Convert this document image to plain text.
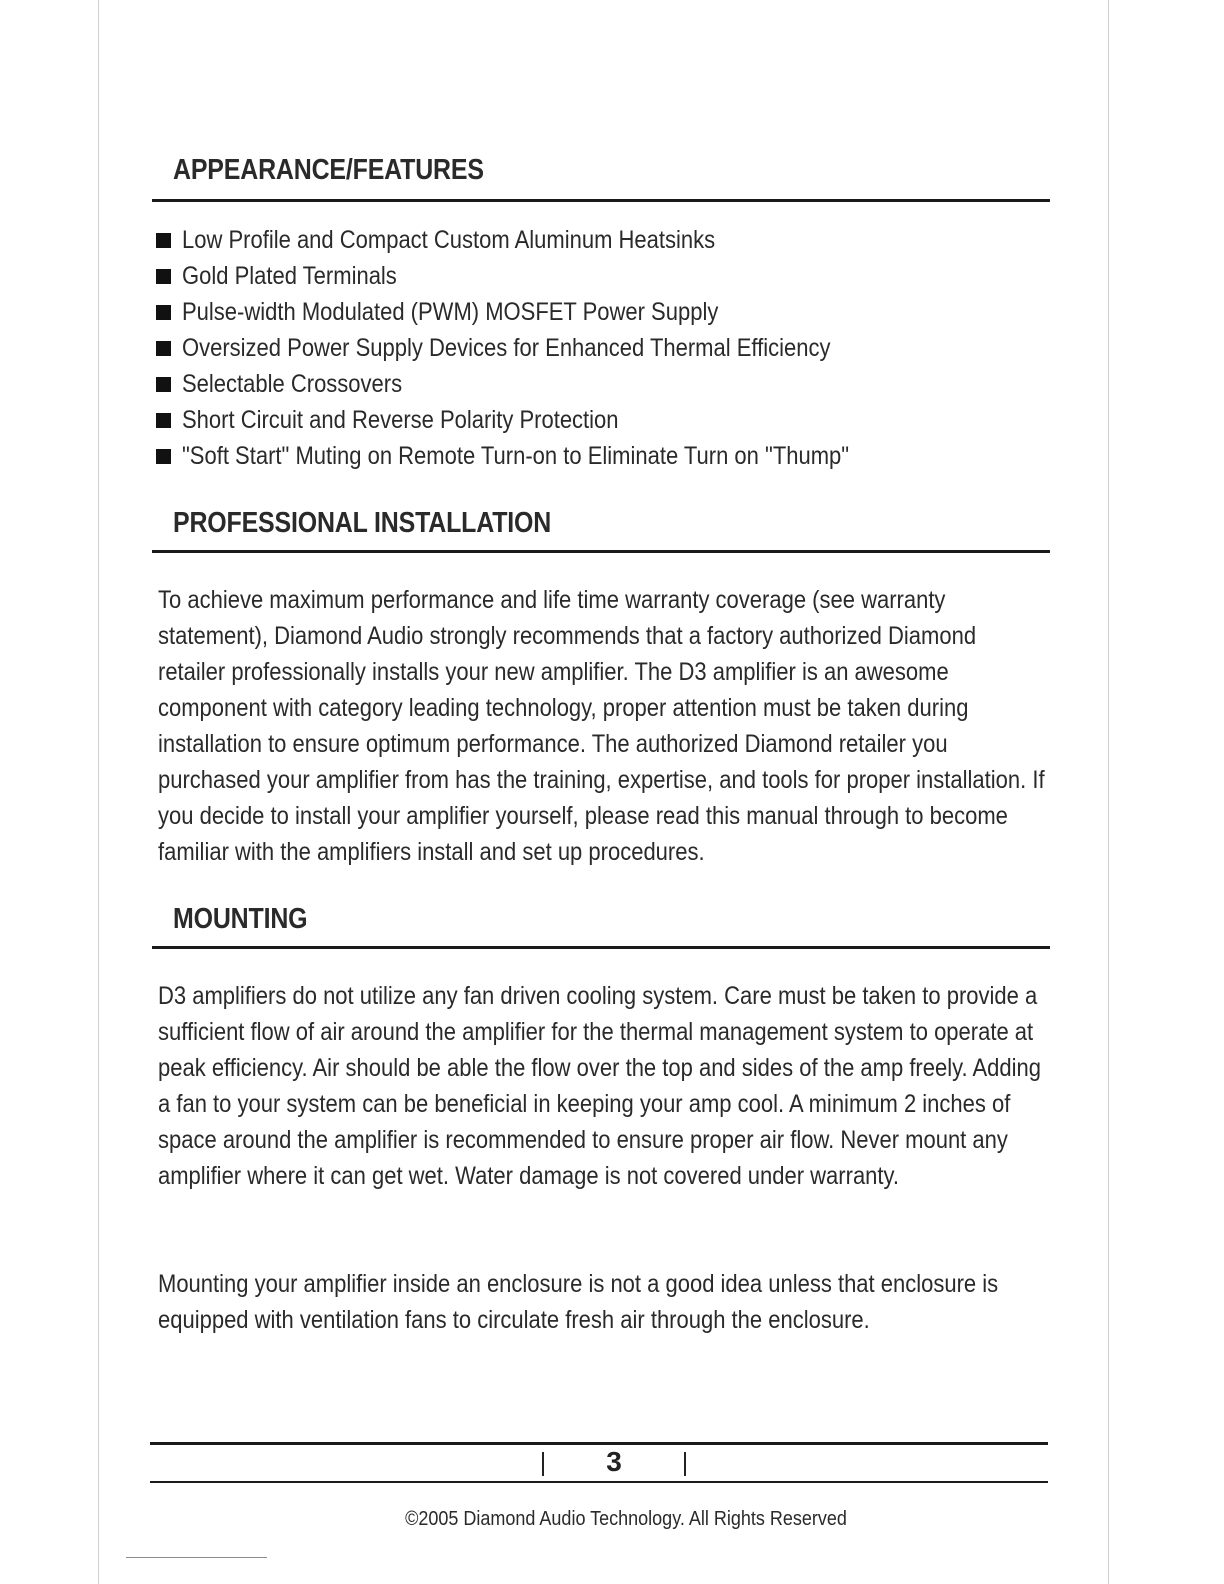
APPEARANCE/FEATURES
Low Profile and Compact Custom Aluminum Heatsinks
Gold Plated Terminals
Pulse-width Modulated (PWM) MOSFET Power Supply
Oversized Power Supply Devices for Enhanced Thermal Efficiency
Selectable Crossovers
Short Circuit and Reverse Polarity Protection
"Soft Start" Muting on Remote Turn-on to Eliminate Turn on "Thump"
PROFESSIONAL INSTALLATION

To achieve maximum performance and life time warranty coverage (see warranty statement), Diamond Audio strongly recommends that a factory authorized Diamond retailer professionally installs your new amplifier. The D3 amplifier is an awesome component with category leading technology, proper attention must be taken during installation to ensure optimum performance. The authorized Diamond retailer you purchased your amplifier from has the training, expertise, and tools for proper installation. If you decide to install your amplifier yourself, please read this manual through to become familiar with the amplifiers install and set up procedures.

MOUNTING

D3 amplifiers do not utilize any fan driven cooling system. Care must be taken to provide a sufficient flow of air around the amplifier for the thermal management system to operate at peak efficiency. Air should be able the flow over the top and sides of the amp freely. Adding a fan to your system can be beneficial in keeping your amp cool. A minimum 2 inches of space around the amplifier is recommended to ensure proper air flow. Never mount any amplifier where it can get wet. Water damage is not covered under warranty.

Mounting your amplifier inside an enclosure is not a good idea unless that enclosure is equipped with ventilation fans to circulate fresh air through the enclosure.

3
©2005 Diamond Audio Technology. All Rights Reserved
